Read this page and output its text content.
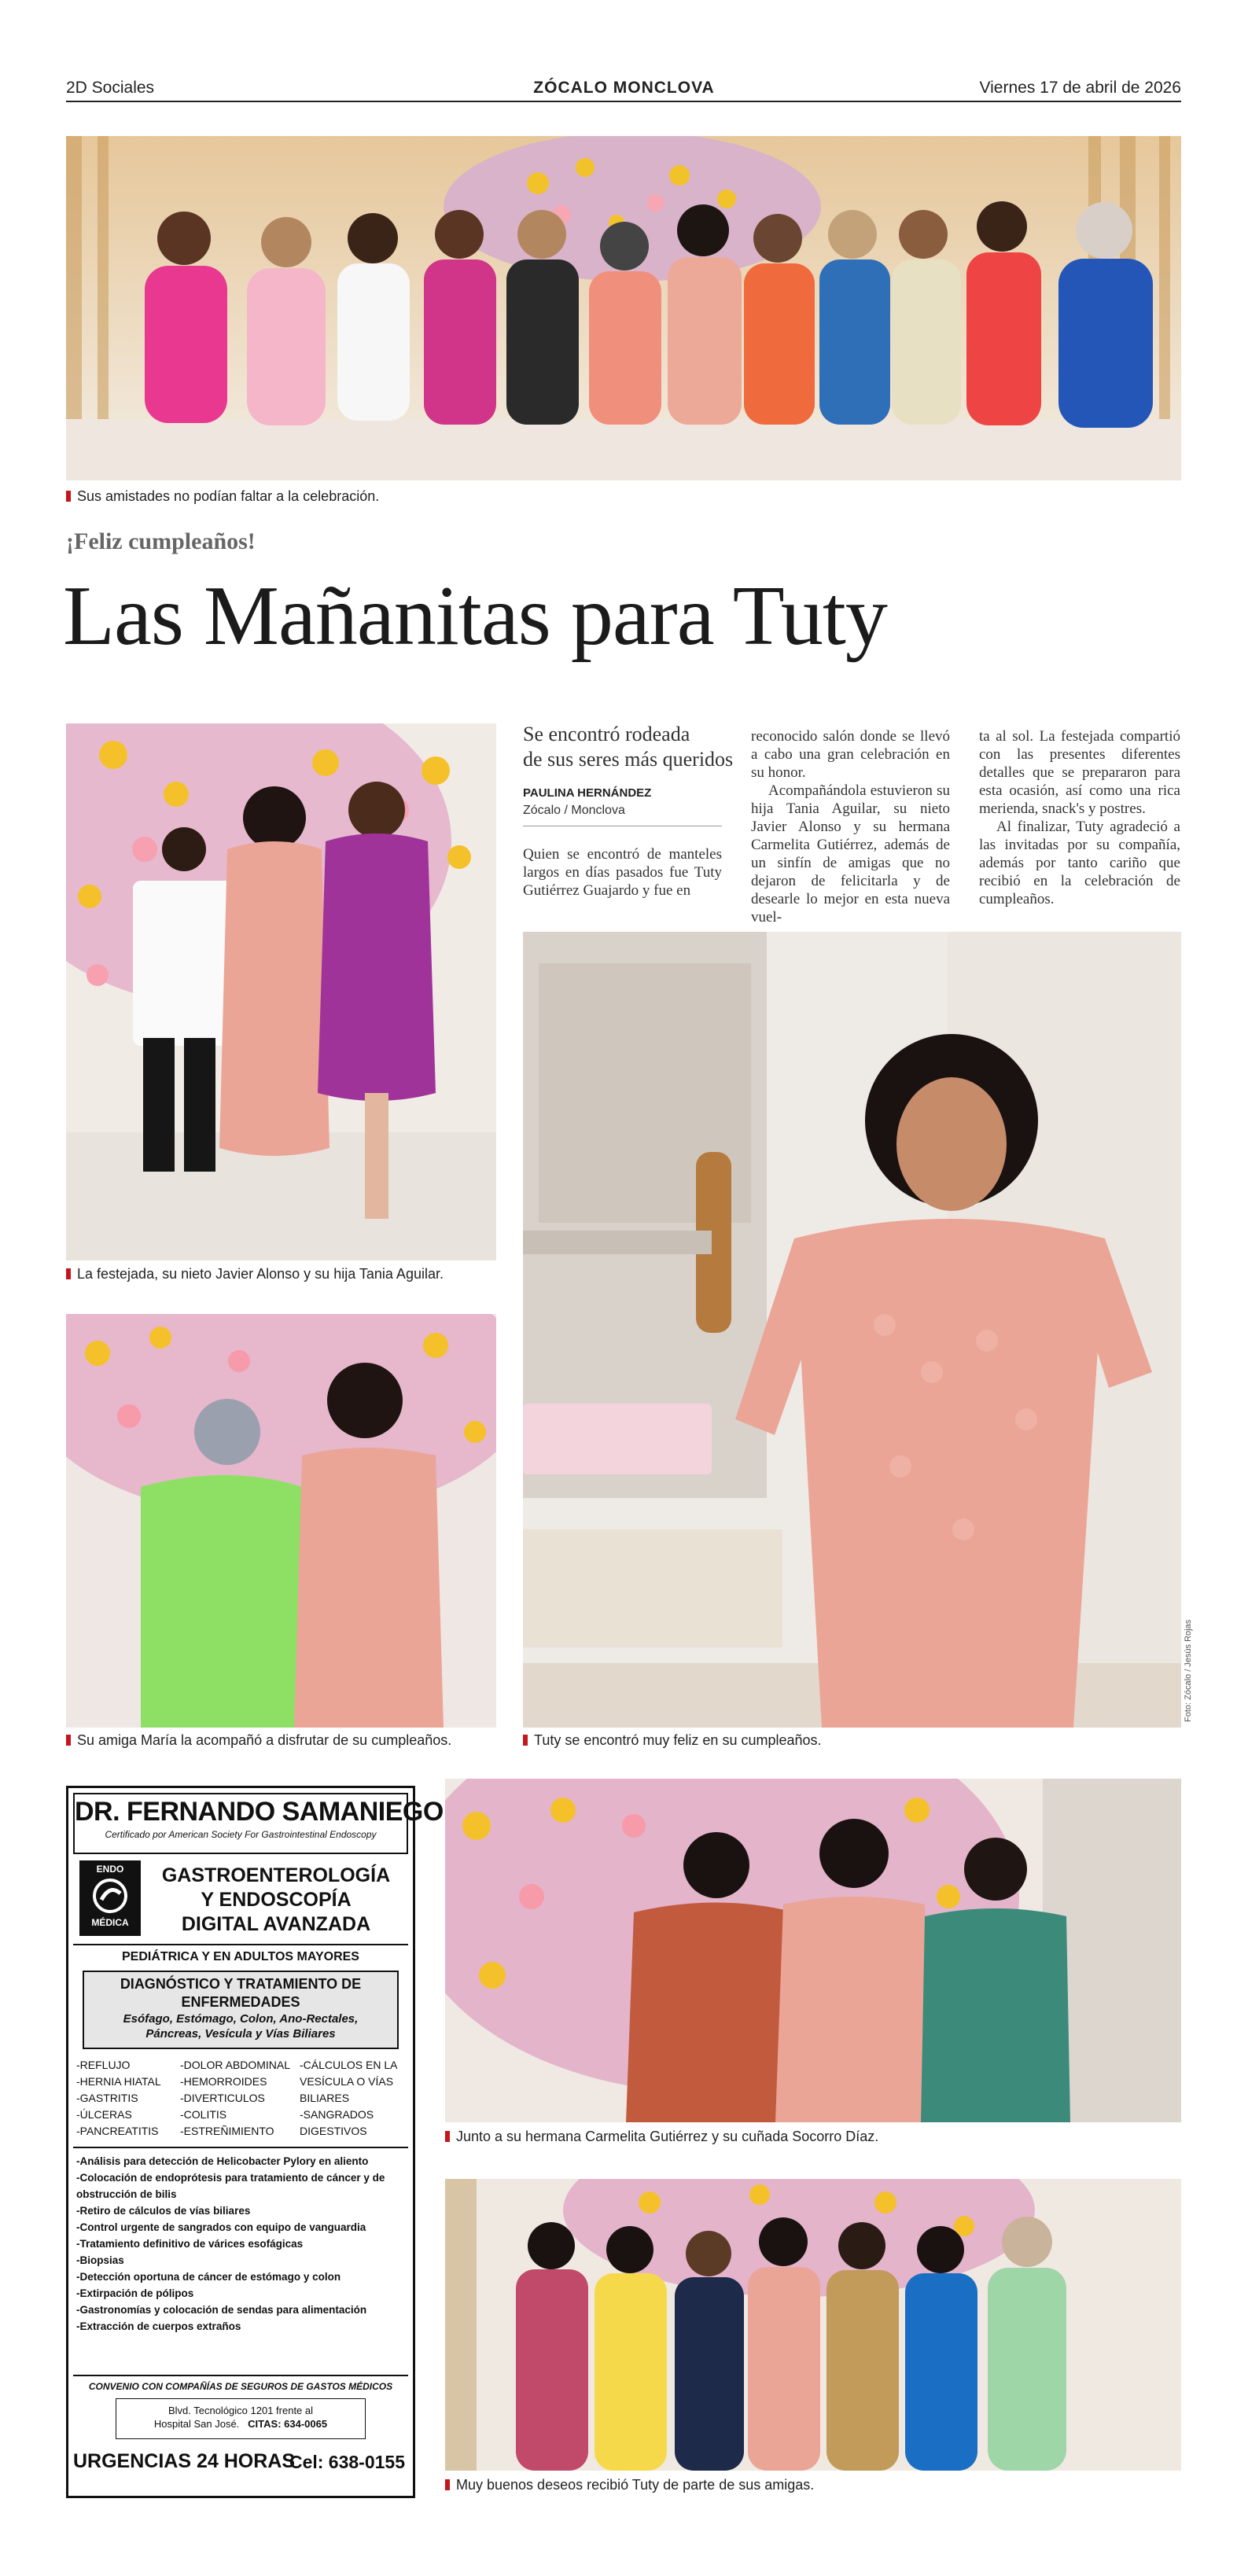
2D Sociales	ZÓCALO MONCLOVA	Viernes 17 de abril de 2026
Sus amistades no podían faltar a la celebración.
¡Feliz cumpleaños!
Las Mañanitas para Tuty
La festejada, su nieto Javier Alonso y su hija Tania Aguilar.
Su amiga María la acompañó a disfrutar de su cumpleaños.
Se encontró rodeada
de sus seres más queridos
PAULINA HERNÁNDEZ
Zócalo / Monclova

Quien se encontró de manteles largos en días pasados fue Tuty Gutiérrez Guajardo y fue en

reconocido salón donde se llevó a cabo una gran celebración en su honor.

Acompañándola estuvieron su hija Tania Aguilar, su nieto Javier Alonso y su hermana Carmelita Gutiérrez, además de un sinfín de amigas que no dejaron de felicitarla y de desearle lo mejor en esta nueva vuel-

ta al sol. La festejada compartió con las presentes diferentes detalles que se prepararon para esta ocasión, así como una rica merienda, snack's y postres.

Al finalizar, Tuty agradeció a las invitadas por su compañía, además por tanto cariño que recibió en la celebración de cumpleaños.

Foto: Zócalo / Jesús Rojas
Tuty se encontró muy feliz en su cumpleaños.
Junto a su hermana Carmelita Gutiérrez y su cuñada Socorro Díaz.
Muy buenos deseos recibió Tuty de parte de sus amigas.
DR. FERNANDO SAMANIEGO
Certificado por American Society For Gastrointestinal Endoscopy
ENDO
MÉDICA
GASTROENTEROLOGÍA
Y ENDOSCOPÍA
DIGITAL AVANZADA
PEDIÁTRICA Y EN ADULTOS MAYORES
DIAGNÓSTICO Y TRATAMIENTO DE
ENFERMEDADES
Esófago, Estómago, Colon, Ano-Rectales,
Páncreas, Vesícula y Vías Biliares
-REFLUJO
-HERNIA HIATAL
-GASTRITIS
-ÚLCERAS
-PANCREATITIS
-DOLOR ABDOMINAL
-HEMORROIDES
-DIVERTICULOS
-COLITIS
-ESTREÑIMIENTO
-CÁLCULOS EN LA
VESÍCULA O VÍAS
BILIARES
-SANGRADOS
DIGESTIVOS
-Análisis para detección de Helicobacter Pylory en aliento
-Colocación de endoprótesis para tratamiento de cáncer y de obstrucción de bilis
-Retiro de cálculos de vías biliares
-Control urgente de sangrados con equipo de vanguardia
-Tratamiento definitivo de várices esofágicas
-Biopsias
-Detección oportuna de cáncer de estómago y colon
-Extirpación de pólipos
-Gastronomías y colocación de sendas para alimentación
-Extracción de cuerpos extraños
CONVENIO CON COMPAÑÍAS DE SEGUROS DE GASTOS MÉDICOS
Blvd. Tecnológico 1201 frente al
Hospital San José. CITAS: 634-0065
URGENCIAS 24 HORAS
Cel: 638-0155
